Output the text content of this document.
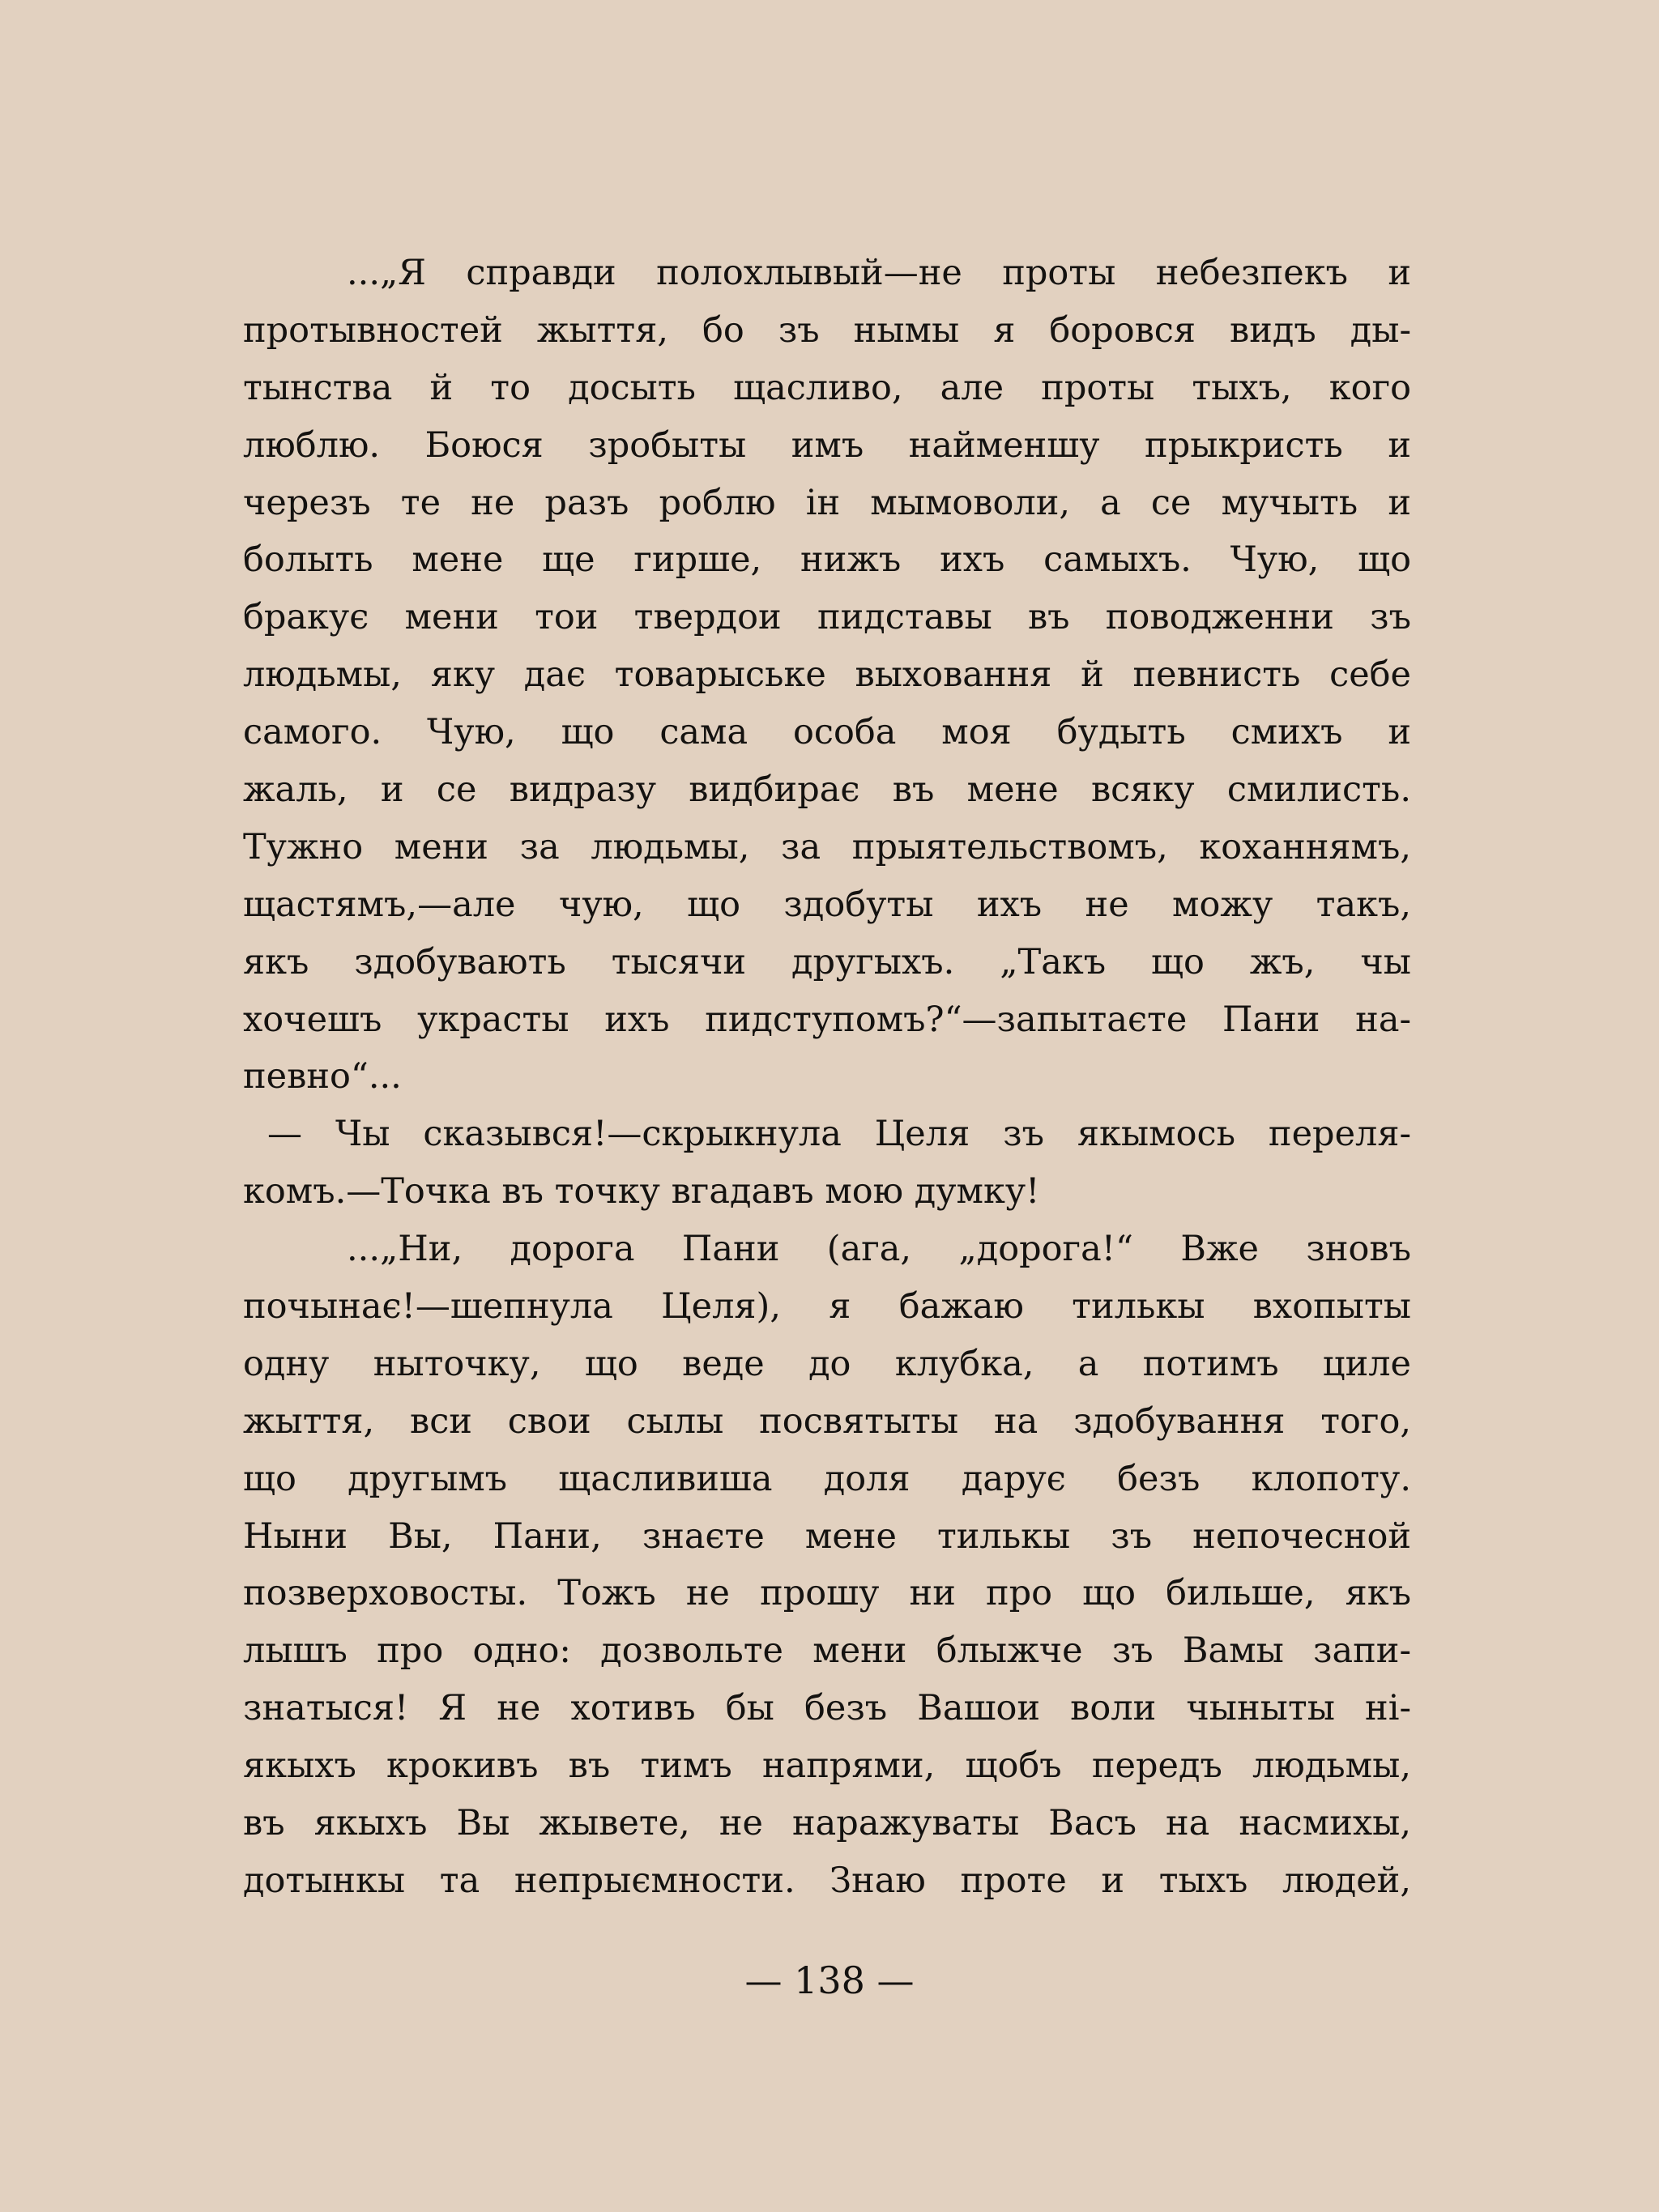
...„Я справди полохлывый—не проты небезпекъ и
протывностей жыття, бо зъ нымы я боровся видъ ды-
тынства й то досыть щасливо, але проты тыхъ, кого
люблю. Боюся зробыты имъ найменшу прыкристь и
черезъ те не разъ роблю ін мымоволи, а се мучыть и
болыть мене ще гирше, нижъ ихъ самыхъ. Чую, що
бракує мени тои твердои пидставы въ поводженни зъ
людьмы, яку дає товарыське выховання й певнисть себе
самого. Чую, що сама особа моя будыть смихъ и
жаль, и се видразу видбирає въ мене всяку смилисть.
Тужно мени за людьмы, за прыятельствомъ, коханнямъ,
щастямъ,—але чую, що здобуты ихъ не можу такъ,
якъ здобувають тысячи другыхъ. „Такъ що жъ, чы
хочешъ украсты ихъ пидступомъ?“—запытаєте Пани на-
певно“...
— Чы сказывся!—скрыкнула Целя зъ якымось переля-
комъ.—Точка въ точку вгадавъ мою думку!
...„Ни, дорога Пани (ага, „дорога!“ Вже зновъ
почынає!—шепнула Целя), я бажаю тилькы вхопыты
одну ныточку, що веде до клубка, а потимъ циле
жыття, вси свои сылы посвятыты на здобування того,
що другымъ щасливиша доля дарує безъ клопоту.
Ныни Вы, Пани, знаєте мене тилькы зъ непочесной
позверховосты. Тожъ не прошу ни про що бильше, якъ
лышъ про одно: дозвольте мени блыжче зъ Вамы запи-
знатыся! Я не хотивъ бы безъ Вашои воли чыныты ні-
якыхъ крокивъ въ тимъ напрями, щобъ передъ людьмы,
въ якыхъ Вы жывете, не наражуваты Васъ на насмихы,
дотынкы та непрыємности. Знаю проте и тыхъ людей,
— 138 —
